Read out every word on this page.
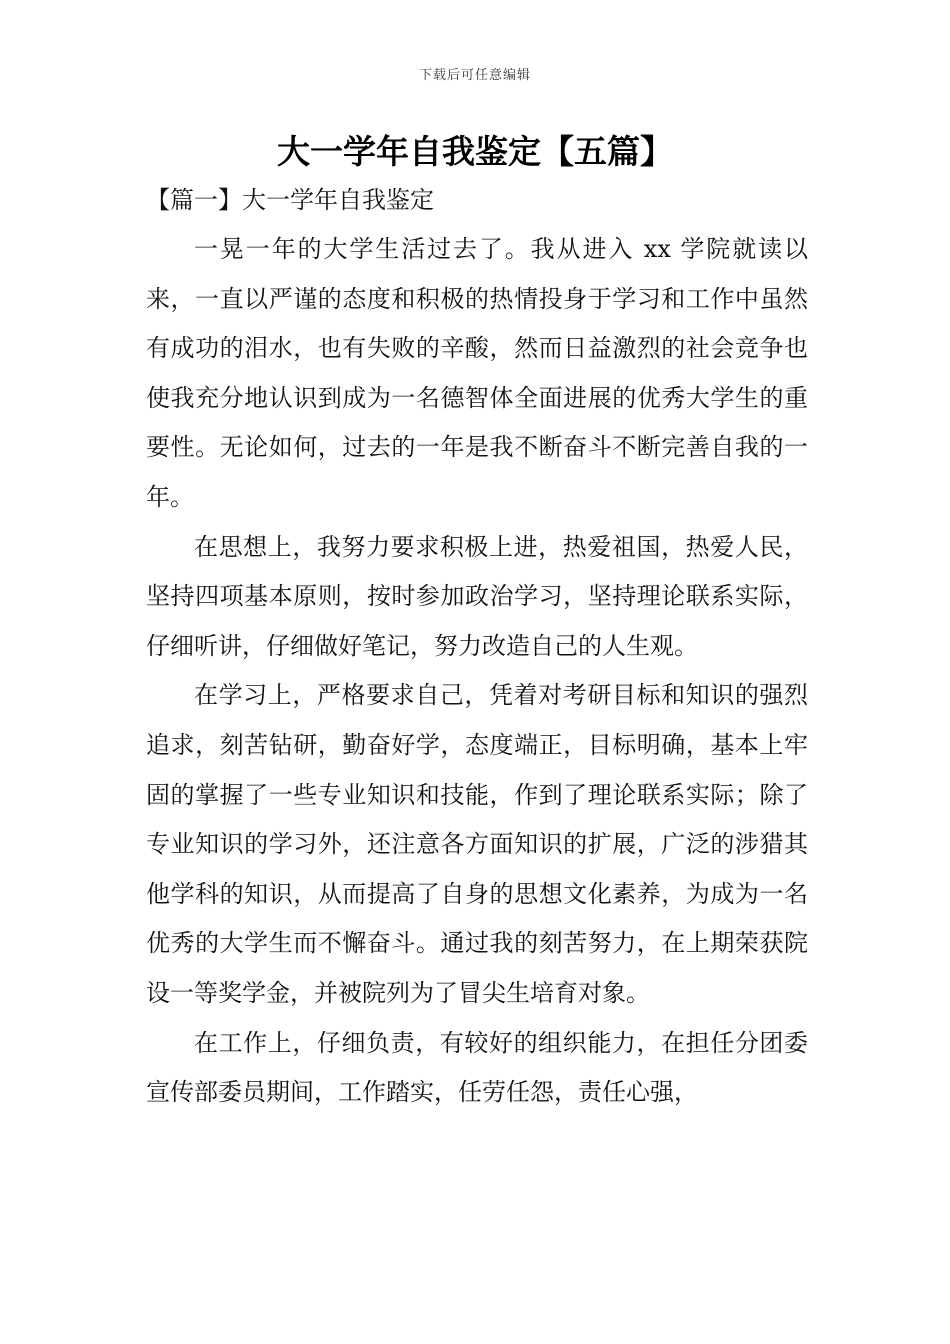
下载后可任意编辑
大一学年自我鉴定【五篇】
【篇一】大一学年自我鉴定

一晃一年的大学生活过去了。我从进入 xx 学院就读以来，一直以严谨的态度和积极的热情投身于学习和工作中虽然有成功的泪水，也有失败的辛酸，然而日益激烈的社会竞争也使我充分地认识到成为一名德智体全面进展的优秀大学生的重要性。无论如何，过去的一年是我不断奋斗不断完善自我的一年。

在思想上，我努力要求积极上进，热爱祖国，热爱人民，坚持四项基本原则，按时参加政治学习，坚持理论联系实际，仔细听讲，仔细做好笔记，努力改造自己的人生观。

在学习上，严格要求自己，凭着对考研目标和知识的强烈追求，刻苦钻研，勤奋好学，态度端正，目标明确，基本上牢固的掌握了一些专业知识和技能，作到了理论联系实际；除了专业知识的学习外，还注意各方面知识的扩展，广泛的涉猎其他学科的知识，从而提高了自身的思想文化素养，为成为一名优秀的大学生而不懈奋斗。通过我的刻苦努力，在上期荣获院设一等奖学金，并被院列为了冒尖生培育对象。

在工作上，仔细负责，有较好的组织能力，在担任分团委宣传部委员期间，工作踏实，任劳任怨，责任心强，
